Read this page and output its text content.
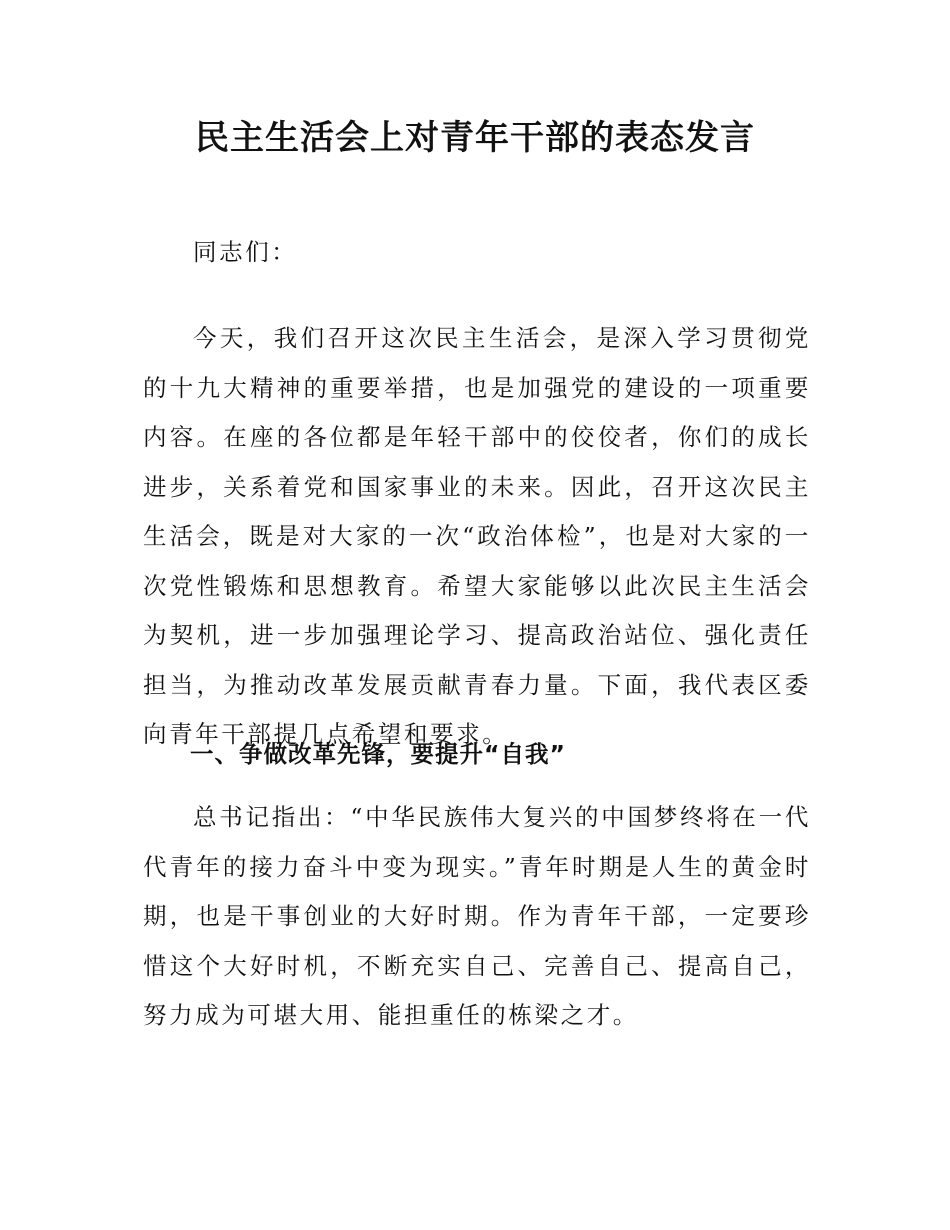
民主生活会上对青年干部的表态发言

同志们：

今天，我们召开这次民主生活会，是深入学习贯彻党的十九大精神的重要举措，也是加强党的建设的一项重要内容。在座的各位都是年轻干部中的佼佼者，你们的成长进步，关系着党和国家事业的未来。因此，召开这次民主生活会，既是对大家的一次“政治体检”，也是对大家的一次党性锻炼和思想教育。希望大家能够以此次民主生活会为契机，进一步加强理论学习、提高政治站位、强化责任担当，为推动改革发展贡献青春力量。下面，我代表区委向青年干部提几点希望和要求。

一、争做改革先锋，要提升“自我”

总书记指出：“中华民族伟大复兴的中国梦终将在一代代青年的接力奋斗中变为现实。”青年时期是人生的黄金时期，也是干事创业的大好时期。作为青年干部，一定要珍惜这个大好时机，不断充实自己、完善自己、提高自己，努力成为可堪大用、能担重任的栋梁之才。
